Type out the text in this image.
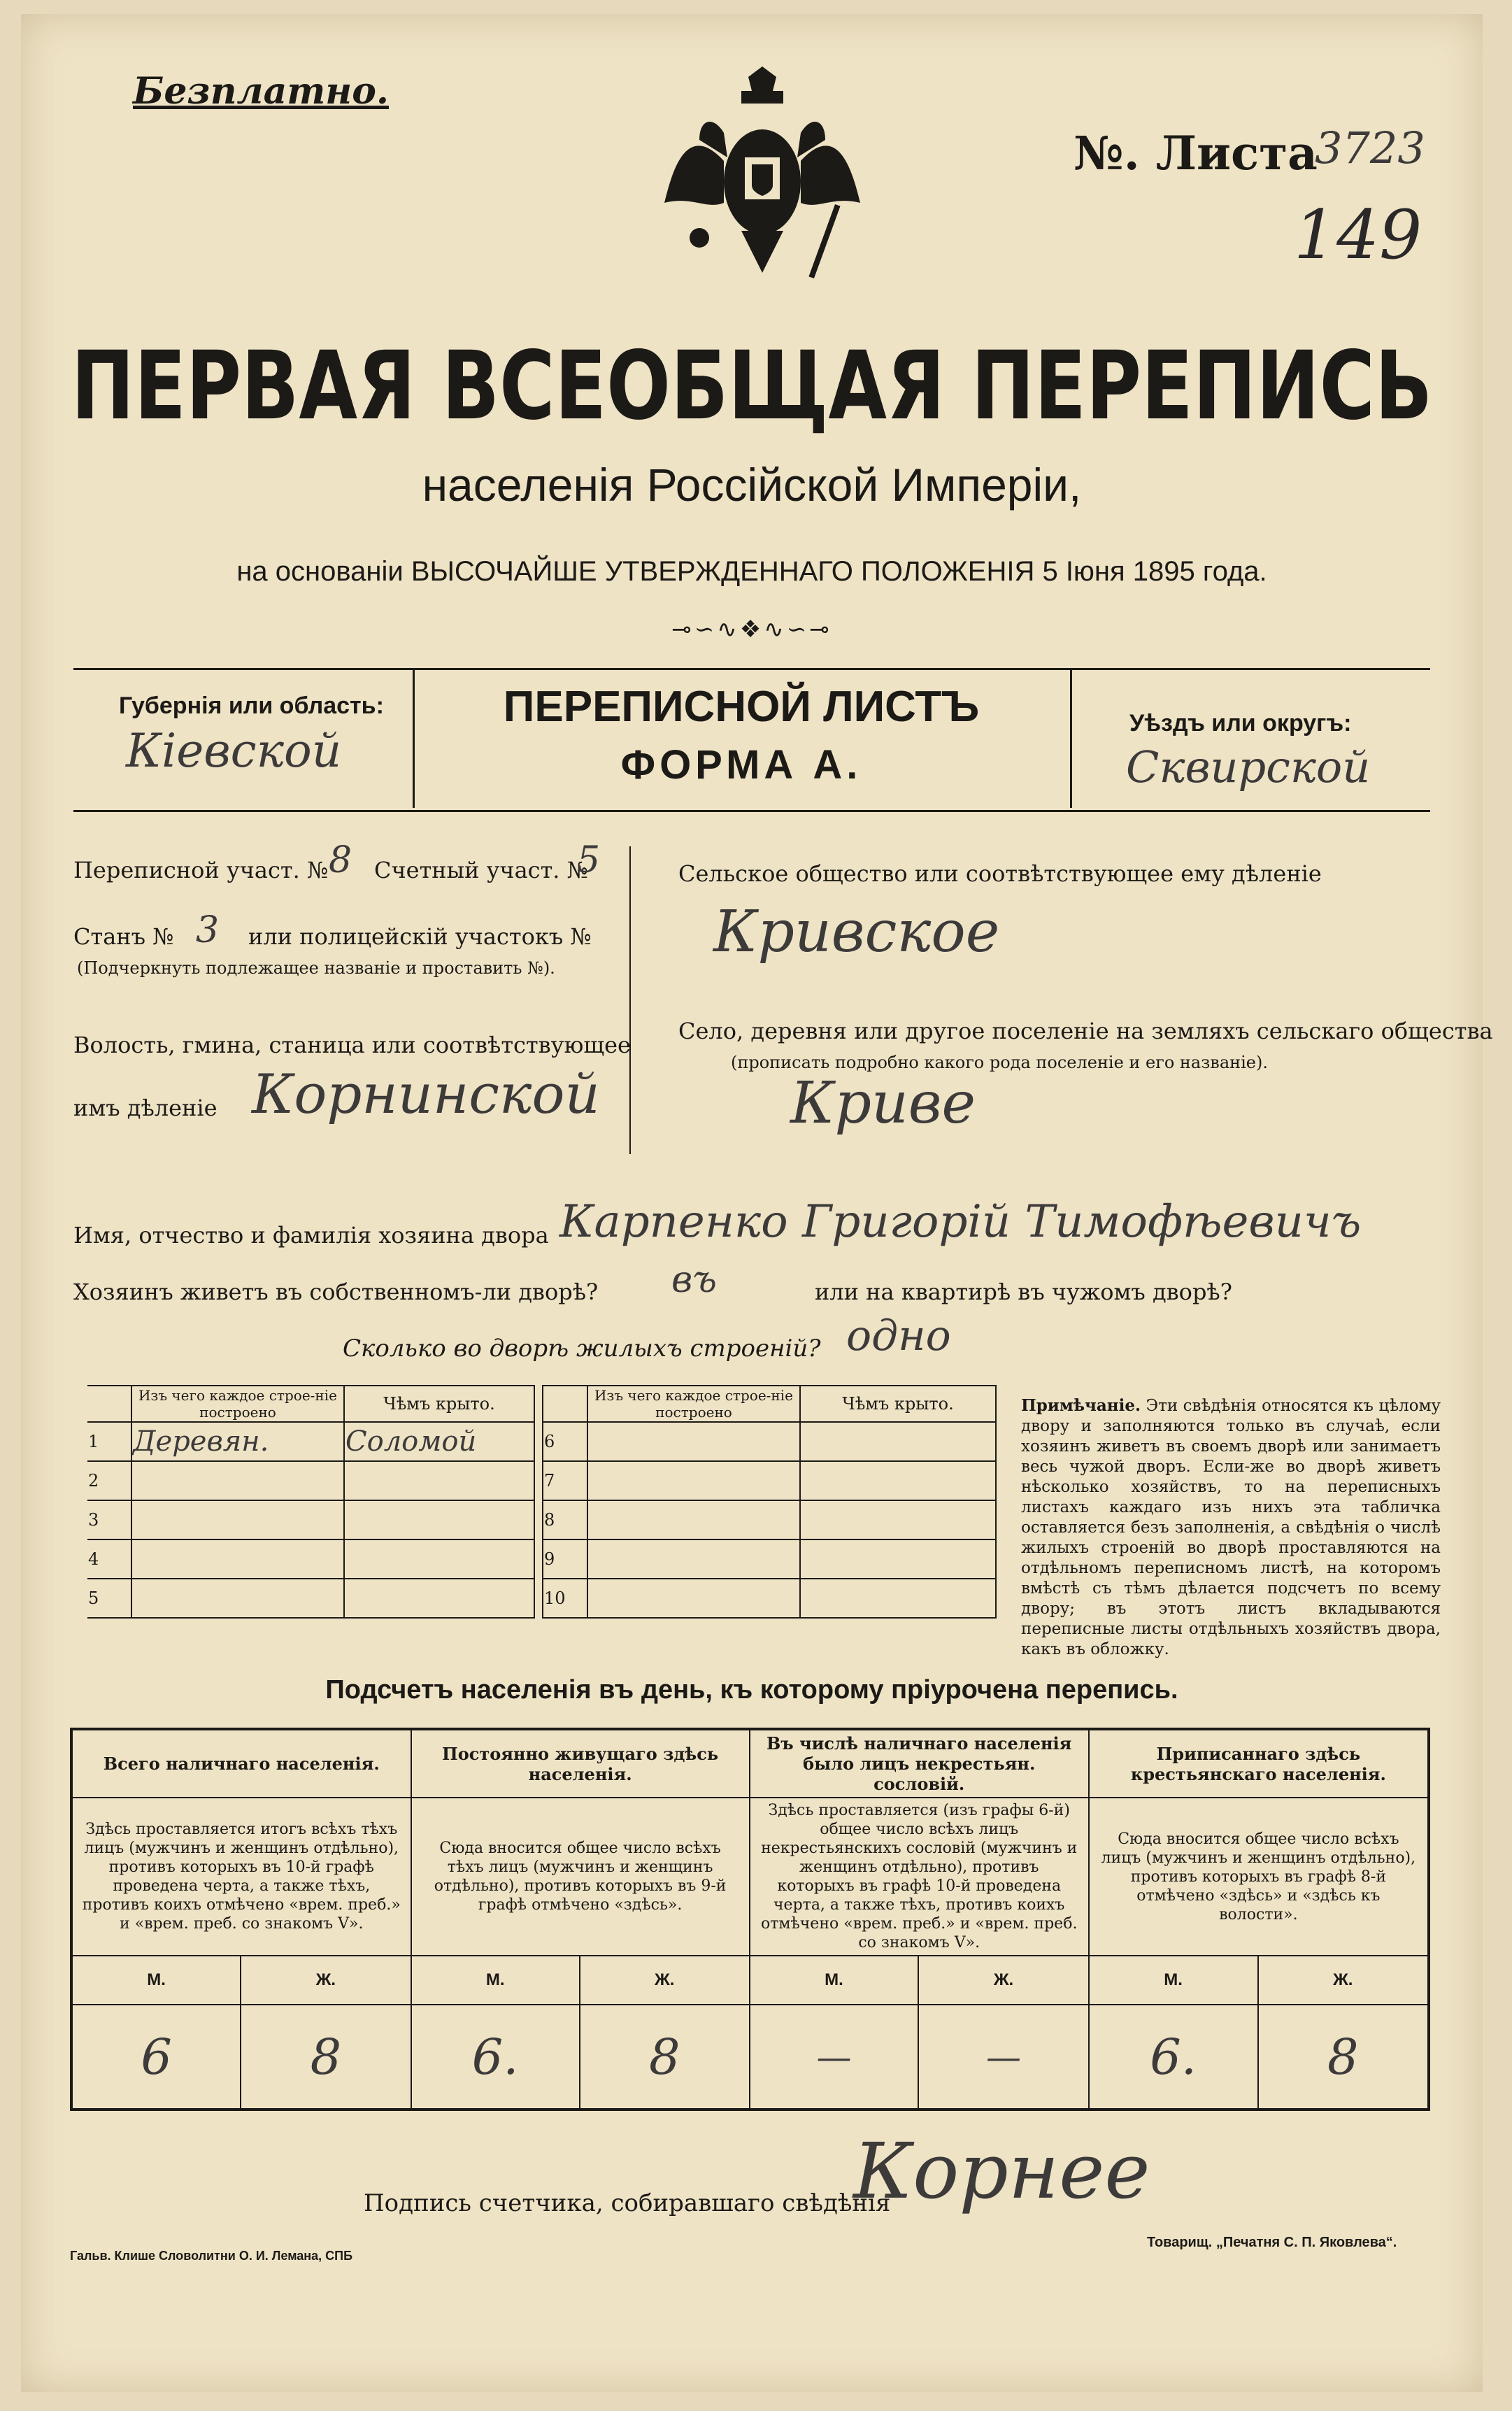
Безплатно.
№. Листа
3723
149
ПЕРВАЯ ВСЕОБЩАЯ ПЕРЕПИСЬ
населенія Россійской Имперіи,
на основаніи ВЫСОЧАЙШЕ УТВЕРЖДЕННАГО ПОЛОЖЕНІЯ 5 Іюня 1895 года.
⊸∽∿❖∿∽⊸
Губернія или область:
Кіевской
ПЕРЕПИСНОЙ ЛИСТЪ
ФОРМА А.
Уѣздъ или округъ:
Сквирской
Переписной участ. № 8 Счетный участ. №
5
Станъ № 3 или полицейскій участокъ №
(Подчеркнуть подлежащее названіе и проставить №).
Волость, гмина, станица или соотвѣтствующее
имъ дѣленіе Корнинской
Сельское общество или соотвѣтствующее ему дѣленіе
Кривское
Село, деревня или другое поселеніе на земляхъ сельскаго общества
(прописать подробно какого рода поселеніе и его названіе).
Криве
Имя, отчество и фамилія хозяина двора Карпенко Григорій Тимофѣевичъ
Хозяинъ живетъ въ собственномъ-ли дворѣ? въ	или на квартирѣ въ чужомъ дворѣ?
Сколько во дворѣ жилыхъ строеній? одно
	Изъ чего каждое строе-ніе построено	Чѣмъ крыто.
1	Деревян.	Соломой
2		
3		
4		
5		
	Изъ чего каждое строе-ніе построено	Чѣмъ крыто.
6		
7		
8		
9		
10		
Примѣчаніе. Эти свѣдѣнія относятся къ цѣлому двору и заполняются только въ случаѣ, если хозяинъ живетъ въ своемъ дворѣ или занимаетъ весь чужой дворъ. Если-же во дворѣ живетъ нѣсколько хозяйствъ, то на переписныхъ листахъ каждаго изъ нихъ эта табличка оставляется безъ заполненія, а свѣдѣнія о числѣ жилыхъ строеній во дворѣ проставляются на отдѣльномъ переписномъ листѣ, на которомъ вмѣстѣ съ тѣмъ дѣлается подсчетъ по всему двору; въ этотъ листъ вкладываются переписные листы отдѣльныхъ хозяйствъ двора, какъ въ обложку.
Подсчетъ населенія въ день, къ которому пріурочена перепись.
Всего наличнаго населенія.		Постоянно живущаго здѣсь населенія.		Въ числѣ наличнаго населенія было лицъ некрестьян. сословій.		Приписаннаго здѣсь крестьянскаго населенія.	
Здѣсь проставляется итогъ всѣхъ тѣхъ лицъ (мужчинъ и женщинъ отдѣльно), противъ которыхъ въ 10-й графѣ проведена черта, а также тѣхъ, противъ коихъ отмѣчено «врем. преб.» и «врем. преб. со знакомъ V».		Сюда вносится общее число всѣхъ тѣхъ лицъ (мужчинъ и женщинъ отдѣльно), противъ которыхъ въ 9-й графѣ отмѣчено «здѣсь».		Здѣсь проставляется (изъ графы 6-й) общее число всѣхъ лицъ некрестьянскихъ сословій (мужчинъ и женщинъ отдѣльно), противъ которыхъ въ графѣ 10-й проведена черта, а также тѣхъ, противъ коихъ отмѣчено «врем. преб.» и «врем. преб. со знакомъ V».		Сюда вносится общее число всѣхъ лицъ (мужчинъ и женщинъ отдѣльно), противъ которыхъ въ графѣ 8-й отмѣчено «здѣсь» и «здѣсь къ волости».	
М.	Ж.	М.	Ж.	М.	Ж.	М.	Ж.
6	8	6.	8	—	—	6.	8
Подпись счетчика, собиравшаго свѣдѣнія
Корнее
Гальв. Клише Словолитни О. И. Лемана, СПБ
Товарищ. „Печатня С. П. Яковлева“.
